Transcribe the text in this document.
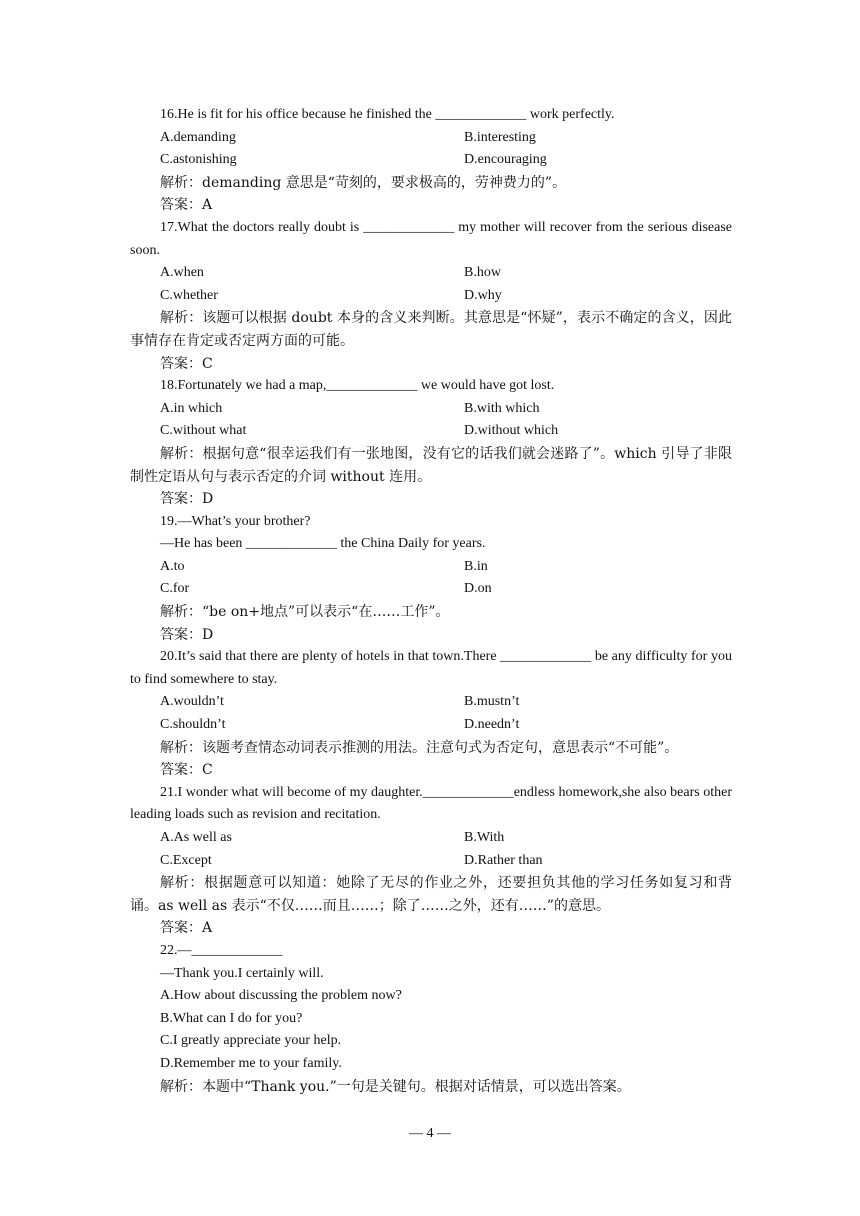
16.He is fit for his office because he finished the _____________ work perfectly.
A.demanding	B.interesting
C.astonishing	D.encouraging
解析：demanding 意思是“苛刻的，要求极高的，劳神费力的”。
答案：A
17.What the doctors really doubt is _____________ my mother will recover from the serious disease soon.
A.when	B.how
C.whether	D.why
解析：该题可以根据 doubt 本身的含义来判断。其意思是“怀疑”，表示不确定的含义，因此事情存在肯定或否定两方面的可能。
答案：C
18.Fortunately we had a map,_____________ we would have got lost.
A.in which	B.with which
C.without what	D.without which
解析：根据句意“很幸运我们有一张地图，没有它的话我们就会迷路了”。which 引导了非限制性定语从句与表示否定的介词 without 连用。
答案：D
19.—What’s your brother?
—He has been _____________ the China Daily for years.
A.to	B.in
C.for	D.on
解析：“be on+地点”可以表示“在……工作”。
答案：D
20.It’s said that there are plenty of hotels in that town.There _____________ be any difficulty for you to find somewhere to stay.
A.wouldn’t	B.mustn’t
C.shouldn’t	D.needn’t
解析：该题考查情态动词表示推测的用法。注意句式为否定句，意思表示“不可能”。
答案：C
21.I wonder what will become of my daughter._____________endless homework,she also bears other leading loads such as revision and recitation.
A.As well as	B.With
C.Except	D.Rather than
解析：根据题意可以知道：她除了无尽的作业之外，还要担负其他的学习任务如复习和背诵。as well as 表示“不仅……而且……；除了……之外，还有……”的意思。
答案：A
22.—_____________
—Thank you.I certainly will.
A.How about discussing the problem now?
B.What can I do for you?
C.I greatly appreciate your help.
D.Remember me to your family.
解析：本题中“Thank you.”一句是关键句。根据对话情景，可以选出答案。
— 4 —
